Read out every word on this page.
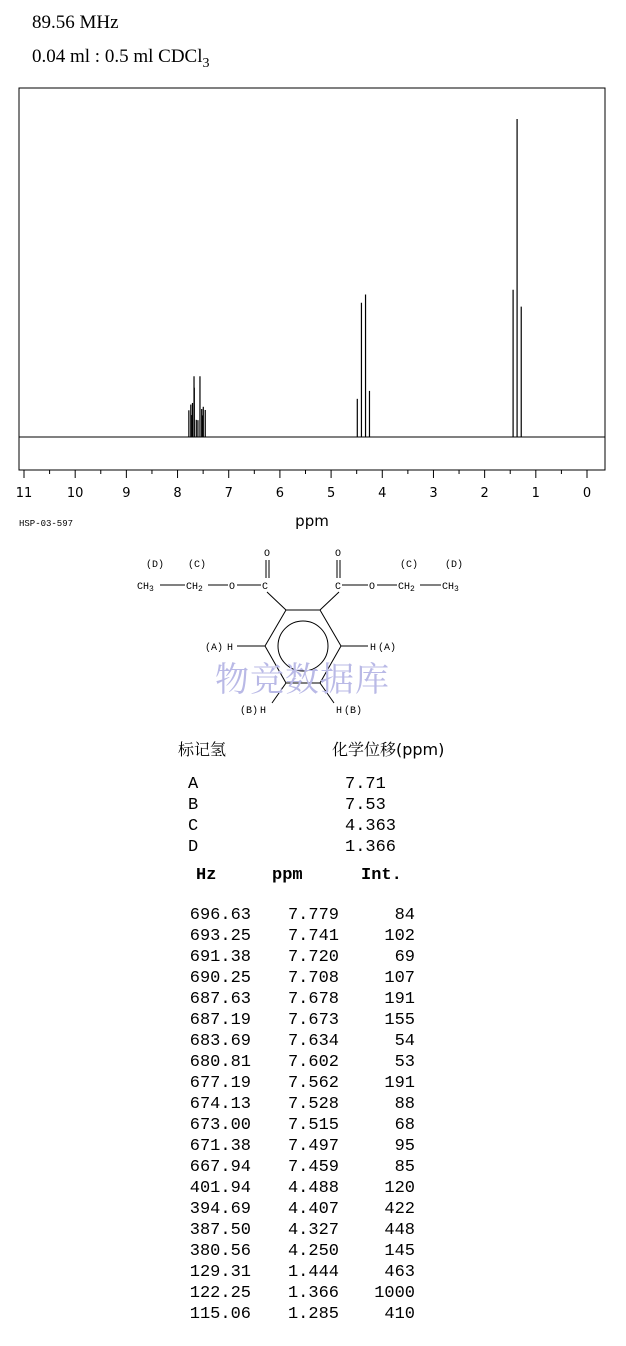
89.56 MHz
0.04 ml : 0.5 ml CDCl$_3$
11	10	9	8	7	6	5	4	3	2	1	0
ppm
HSP-03-597
(D) (C)
$CH_3$	$CH_2$	O	C
O	O
C	O
(C)	(D)
$CH_2$	$CH_3$
(A) H	H (A)
(B) H	H (B)
物竞数据库
标记氢	化学位移(ppm)
A	7.71
B	7.53
C	4.363
D	1.366
Hz	ppm	Int.
696.63	7.779	84
693.25	7.741	102
691.38	7.720	69
690.25	7.708	107
687.63	7.678	191
687.19	7.673	155
683.69	7.634	54
680.81	7.602	53
677.19	7.562	191
674.13	7.528	88
673.00	7.515	68
671.38	7.497	95
667.94	7.459	85
401.94	4.488	120
394.69	4.407	422
387.50	4.327	448
380.56	4.250	145
129.31	1.444	463
122.25	1.366	1000
115.06	1.285	410
